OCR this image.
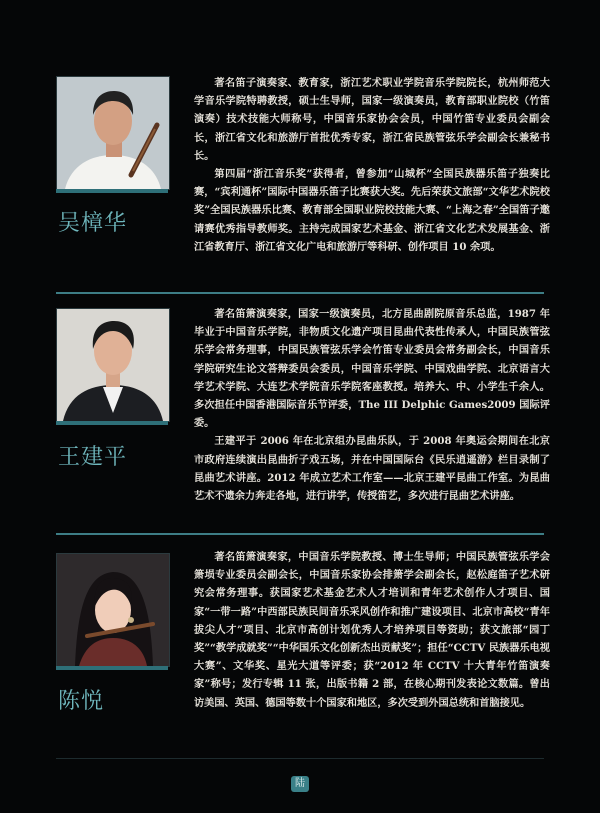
吴樟华

著名笛子演奏家、教育家，浙江艺术职业学院音乐学院院长，杭州师范大学音乐学院特聘教授，硕士生导师，国家一级演奏员，教育部职业院校（竹笛演奏）技术技能大师称号，中国音乐家协会会员，中国竹笛专业委员会副会长，浙江省文化和旅游厅首批优秀专家，浙江省民族管弦乐学会副会长兼秘书长。

第四届“浙江音乐奖”获得者，曾参加“山城杯”全国民族器乐笛子独奏比赛，“宾利通杯”国际中国器乐笛子比赛获大奖。先后荣获文旅部“文华艺术院校奖”全国民族器乐比赛、教育部全国职业院校技能大赛、“上海之春”全国笛子邀请赛优秀指导教师奖。主持完成国家艺术基金、浙江省文化艺术发展基金、浙江省教育厅、浙江省文化广电和旅游厅等科研、创作项目 10 余项。

王建平

著名笛箫演奏家，国家一级演奏员，北方昆曲剧院原音乐总监，1987 年毕业于中国音乐学院，非物质文化遗产项目昆曲代表性传承人，中国民族管弦乐学会常务理事，中国民族管弦乐学会竹笛专业委员会常务副会长，中国音乐学院研究生论文答辩委员会委员，中国音乐学院、中国戏曲学院、北京语言大学艺术学院、大连艺术学院音乐学院客座教授。培养大、中、小学生千余人。多次担任中国香港国际音乐节评委，The III Delphic Games2009 国际评委。

王建平于 2006 年在北京组办昆曲乐队，于 2008 年奥运会期间在北京市政府连续演出昆曲折子戏五场，并在中国国际台《民乐逍遥游》栏目录制了昆曲艺术讲座。2012 年成立艺术工作室——北京王建平昆曲工作室。为昆曲艺术不遗余力奔走各地，进行讲学，传授笛艺，多次进行昆曲艺术讲座。

陈悦

著名笛箫演奏家，中国音乐学院教授、博士生导师；中国民族管弦乐学会箫埙专业委员会副会长，中国音乐家协会排箫学会副会长，赵松庭笛子艺术研究会常务理事。获国家艺术基金艺术人才培训和青年艺术创作人才项目、国家“一带一路”中西部民族民间音乐采风创作和推广建设项目、北京市高校“青年拔尖人才”项目、北京市高创计划优秀人才培养项目等资助；获文旅部“园丁奖”“教学成就奖”“中华国乐文化创新杰出贡献奖”；担任“CCTV 民族器乐电视大赛”、文华奖、星光大道等评委；获“2012 年 CCTV 十大青年竹笛演奏家”称号；发行专辑 11 张，出版书籍 2 部，在核心期刊发表论文数篇。曾出访美国、英国、德国等数十个国家和地区，多次受到外国总统和首脑接见。

陆
